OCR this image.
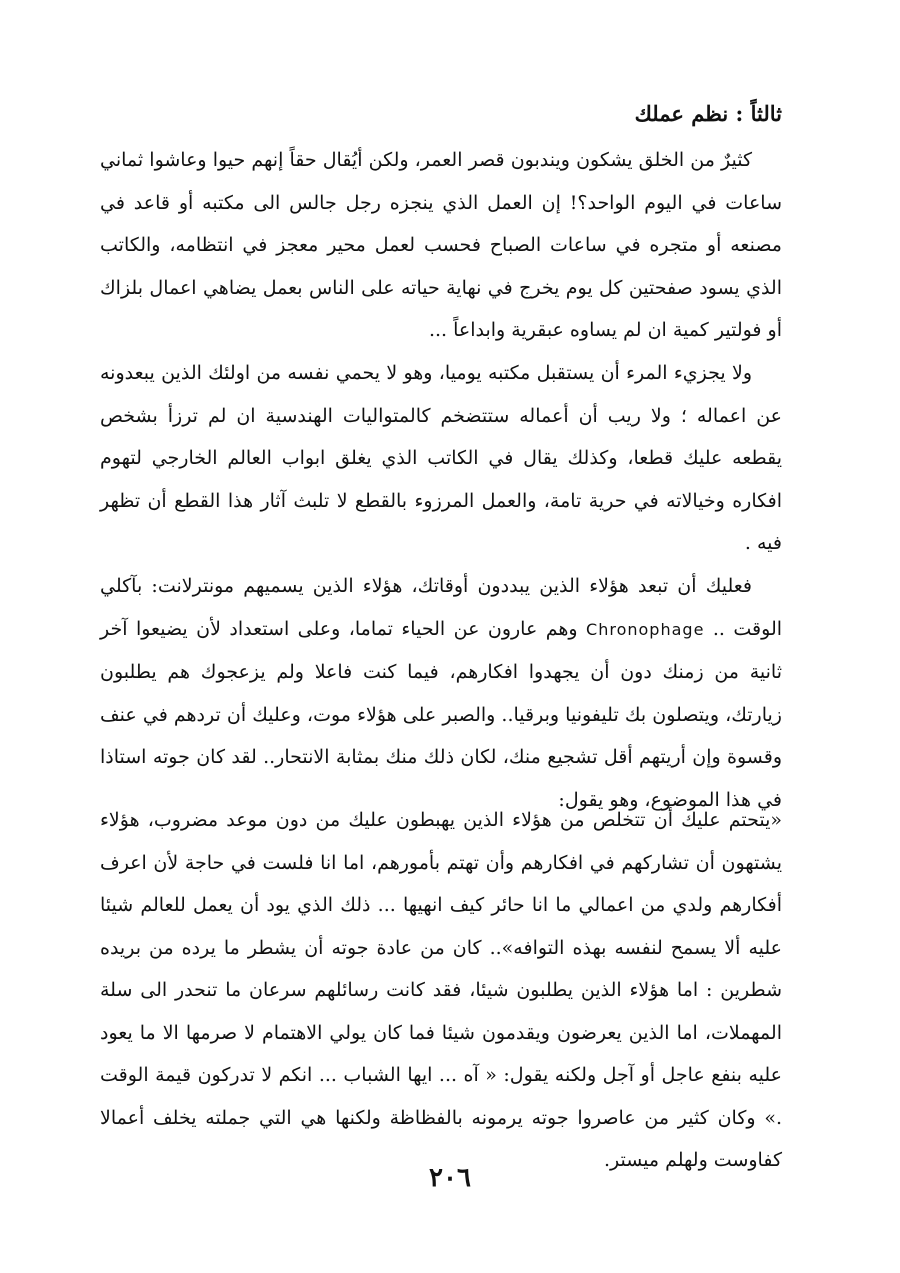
ثالثاً : نظم عملك

كثيرٌ من الخلق يشكون ويندبون قصر العمر، ولكن أيُقال حقاً إنهم حيوا وعاشوا ثماني ساعات في اليوم الواحد؟! إن العمل الذي ينجزه رجل جالس الى مكتبه أو قاعد في مصنعه أو متجره في ساعات الصباح فحسب لعمل محير معجز في انتظامه، والكاتب الذي يسود صفحتين كل يوم يخرج في نهاية حياته على الناس بعمل يضاهي اعمال بلزاك أو فولتير كمية ان لم يساوه عبقرية وابداعاً ...

ولا يجزيء المرء أن يستقبل مكتبه يوميا، وهو لا يحمي نفسه من اولئك الذين يبعدونه عن اعماله ؛ ولا ريب أن أعماله ستتضخم كالمتواليات الهندسية ان لم ترزأ بشخص يقطعه عليك قطعا، وكذلك يقال في الكاتب الذي يغلق ابواب العالم الخارجي لتهوم افكاره وخيالاته في حرية تامة، والعمل المرزوء بالقطع لا تلبث آثار هذا القطع أن تظهر فيه .

فعليك أن تبعد هؤلاء الذين يبددون أوقاتك، هؤلاء الذين يسميهم مونترلانت: بآكلي الوقت .. Chronophage وهم عارون عن الحياء تماما، وعلى استعداد لأن يضيعوا آخر ثانية من زمنك دون أن يجهدوا افكارهم، فيما كنت فاعلا ولم يزعجوك هم يطلبون زيارتك، ويتصلون بك تليفونيا وبرقيا.. والصبر على هؤلاء موت، وعليك أن تردهم في عنف وقسوة وإن أريتهم أقل تشجيع منك، لكان ذلك منك بمثابة الانتحار.. لقد كان جوته استاذا في هذا الموضوع، وهو يقول:

«يتحتم عليك أن تتخلص من هؤلاء الذين يهبطون عليك من دون موعد مضروب، هؤلاء يشتهون أن تشاركهم في افكارهم وأن تهتم بأمورهم، اما انا فلست في حاجة لأن اعرف أفكارهم ولدي من اعمالي ما انا حائر كيف انهيها ... ذلك الذي يود أن يعمل للعالم شيئا عليه ألا يسمح لنفسه بهذه التوافه».. كان من عادة جوته أن يشطر ما يرده من بريده شطرين : اما هؤلاء الذين يطلبون شيئا، فقد كانت رسائلهم سرعان ما تنحدر الى سلة المهملات، اما الذين يعرضون ويقدمون شيئا فما كان يولي الاهتمام لا صرمها الا ما يعود عليه بنفع عاجل أو آجل ولكنه يقول: « آه ... ايها الشباب ... انكم لا تدركون قيمة الوقت .» وكان كثير من عاصروا جوته يرمونه بالفظاظة ولكنها هي التي جملته يخلف أعمالا كفاوست ولهلم ميستر.

٢٠٦
